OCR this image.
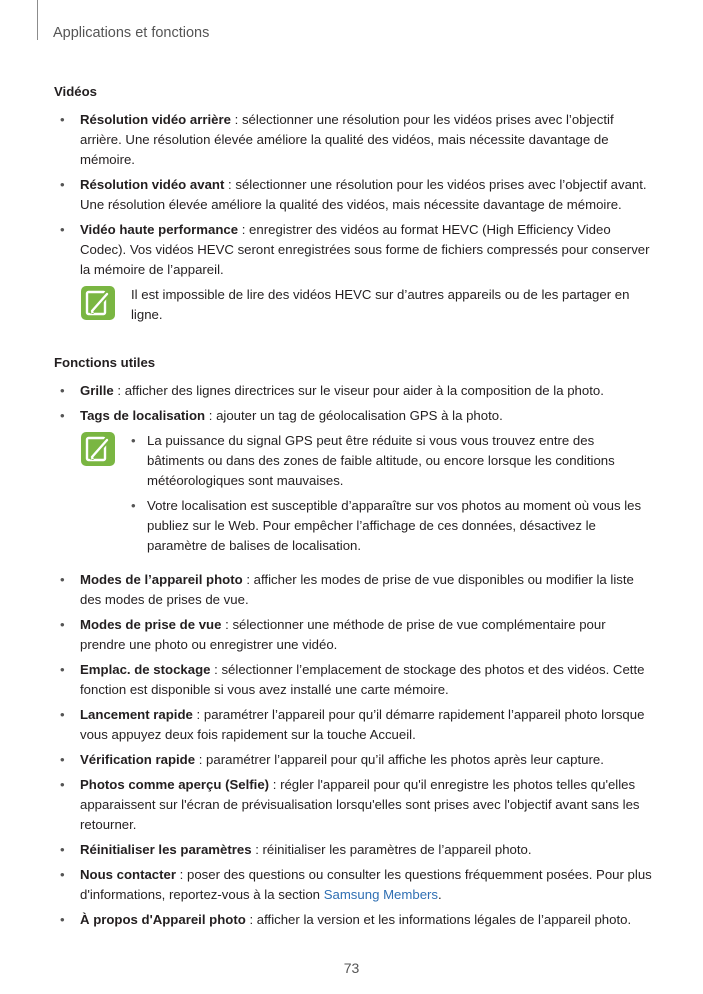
Applications et fonctions
Vidéos
• Résolution vidéo arrière : sélectionner une résolution pour les vidéos prises avec l’objectif arrière. Une résolution élevée améliore la qualité des vidéos, mais nécessite davantage de mémoire.
• Résolution vidéo avant : sélectionner une résolution pour les vidéos prises avec l’objectif avant. Une résolution élevée améliore la qualité des vidéos, mais nécessite davantage de mémoire.
• Vidéo haute performance : enregistrer des vidéos au format HEVC (High Efficiency Video Codec). Vos vidéos HEVC seront enregistrées sous forme de fichiers compressés pour conserver la mémoire de l’appareil.
Il est impossible de lire des vidéos HEVC sur d’autres appareils ou de les partager en ligne.
Fonctions utiles
• Grille : afficher des lignes directrices sur le viseur pour aider à la composition de la photo.
• Tags de localisation : ajouter un tag de géolocalisation GPS à la photo.
• La puissance du signal GPS peut être réduite si vous vous trouvez entre des bâtiments ou dans des zones de faible altitude, ou encore lorsque les conditions météorologiques sont mauvaises.
• Votre localisation est susceptible d’apparaître sur vos photos au moment où vous les publiez sur le Web. Pour empêcher l’affichage de ces données, désactivez le paramètre de balises de localisation.
• Modes de l’appareil photo : afficher les modes de prise de vue disponibles ou modifier la liste des modes de prises de vue.
• Modes de prise de vue : sélectionner une méthode de prise de vue complémentaire pour prendre une photo ou enregistrer une vidéo.
• Emplac. de stockage : sélectionner l’emplacement de stockage des photos et des vidéos. Cette fonction est disponible si vous avez installé une carte mémoire.
• Lancement rapide : paramétrer l’appareil pour qu’il démarre rapidement l’appareil photo lorsque vous appuyez deux fois rapidement sur la touche Accueil.
• Vérification rapide : paramétrer l’appareil pour qu’il affiche les photos après leur capture.
• Photos comme aperçu (Selfie) : régler l'appareil pour qu'il enregistre les photos telles qu'elles apparaissent sur l'écran de prévisualisation lorsqu'elles sont prises avec l'objectif avant sans les retourner.
• Réinitialiser les paramètres : réinitialiser les paramètres de l’appareil photo.
• Nous contacter : poser des questions ou consulter les questions fréquemment posées. Pour plus d'informations, reportez-vous à la section Samsung Members.
• À propos d'Appareil photo : afficher la version et les informations légales de l’appareil photo.
73
